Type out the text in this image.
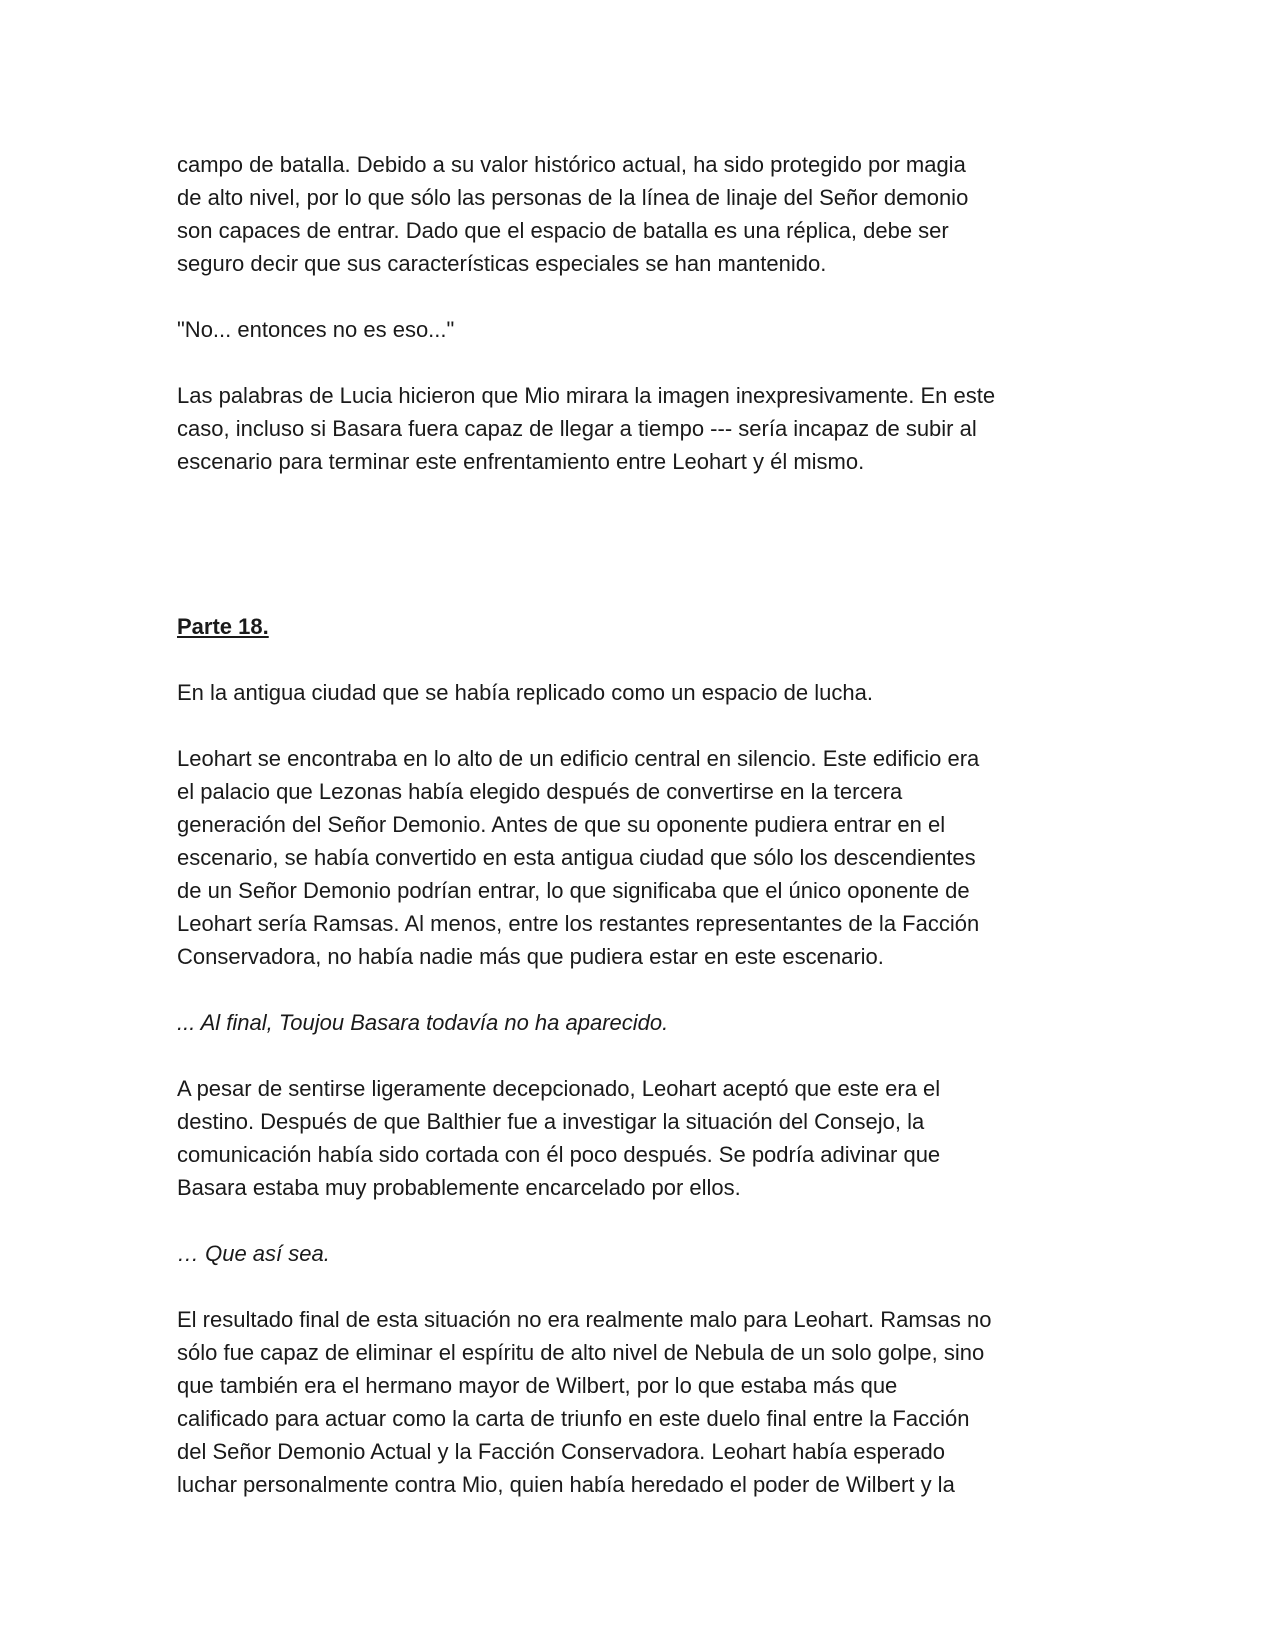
campo de batalla. Debido a su valor histórico actual, ha sido protegido por magia
de alto nivel, por lo que sólo las personas de la línea de linaje del Señor demonio
son capaces de entrar. Dado que el espacio de batalla es una réplica, debe ser
seguro decir que sus características especiales se han mantenido.
"No... entonces no es eso..."
Las palabras de Lucia hicieron que Mio mirara la imagen inexpresivamente. En este
caso, incluso si Basara fuera capaz de llegar a tiempo --- sería incapaz de subir al
escenario para terminar este enfrentamiento entre Leohart y él mismo.
Parte 18.
En la antigua ciudad que se había replicado como un espacio de lucha.
Leohart se encontraba en lo alto de un edificio central en silencio. Este edificio era
el palacio que Lezonas había elegido después de convertirse en la tercera
generación del Señor Demonio. Antes de que su oponente pudiera entrar en el
escenario, se había convertido en esta antigua ciudad que sólo los descendientes
de un Señor Demonio podrían entrar, lo que significaba que el único oponente de
Leohart sería Ramsas. Al menos, entre los restantes representantes de la Facción
Conservadora, no había nadie más que pudiera estar en este escenario.
... Al final, Toujou Basara todavía no ha aparecido.
A pesar de sentirse ligeramente decepcionado, Leohart aceptó que este era el
destino. Después de que Balthier fue a investigar la situación del Consejo, la
comunicación había sido cortada con él poco después. Se podría adivinar que
Basara estaba muy probablemente encarcelado por ellos.
… Que así sea.
El resultado final de esta situación no era realmente malo para Leohart. Ramsas no
sólo fue capaz de eliminar el espíritu de alto nivel de Nebula de un solo golpe, sino
que también era el hermano mayor de Wilbert, por lo que estaba más que
calificado para actuar como la carta de triunfo en este duelo final entre la Facción
del Señor Demonio Actual y la Facción Conservadora. Leohart había esperado
luchar personalmente contra Mio, quien había heredado el poder de Wilbert y la
